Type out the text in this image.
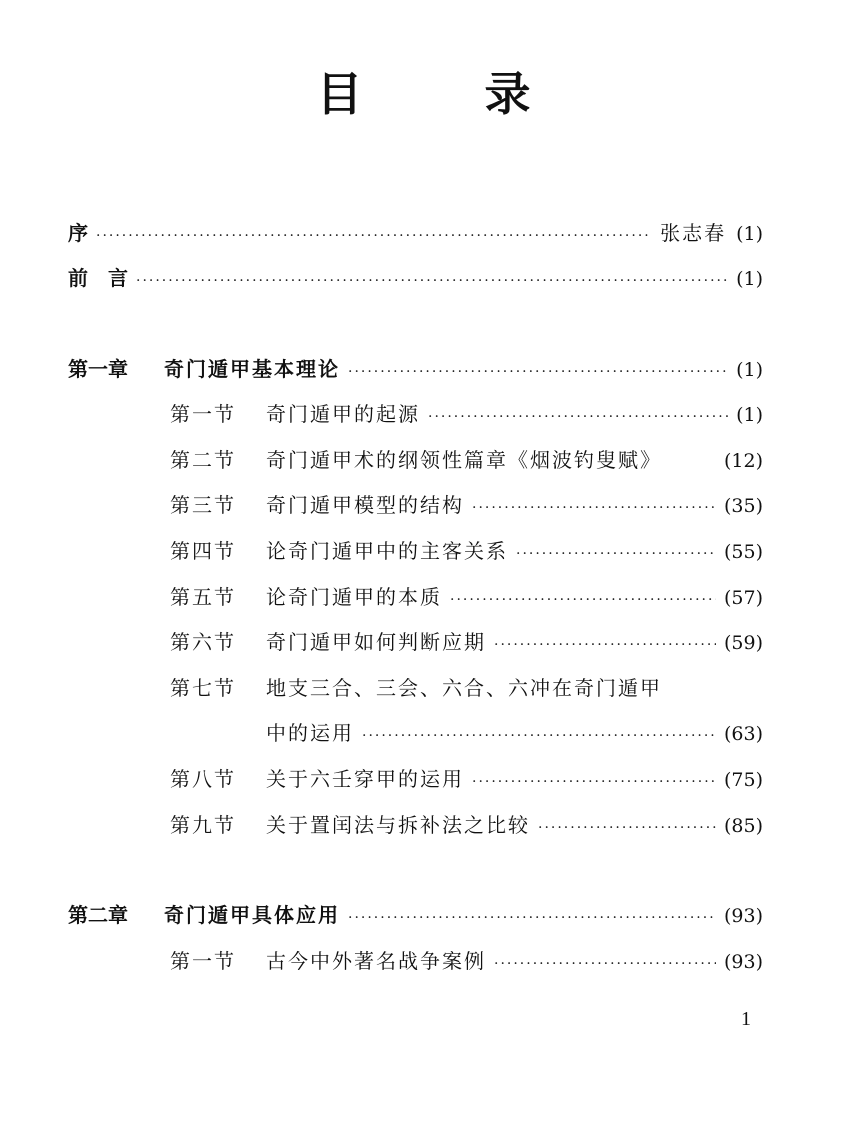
目　录
序 ·····	张志春 (1)
前　言 ·····	(1)
第一章	奇门遁甲基本理论 ·····	(1)
第一节	奇门遁甲的起源 ·····	(1)
第二节	奇门遁甲术的纲领性篇章《烟波钓叟赋》	(12)
第三节	奇门遁甲模型的结构 ·····	(35)
第四节	论奇门遁甲中的主客关系 ·····	(55)
第五节	论奇门遁甲的本质 ·····	(57)
第六节	奇门遁甲如何判断应期 ·····	(59)
第七节	地支三合、三会、六合、六冲在奇门遁甲
中的运用 ·····	(63)
第八节	关于六壬穿甲的运用 ·····	(75)
第九节	关于置闰法与拆补法之比较 ·····	(85)
第二章	奇门遁甲具体应用 ·····	(93)
第一节	古今中外著名战争案例 ·····	(93)
1
